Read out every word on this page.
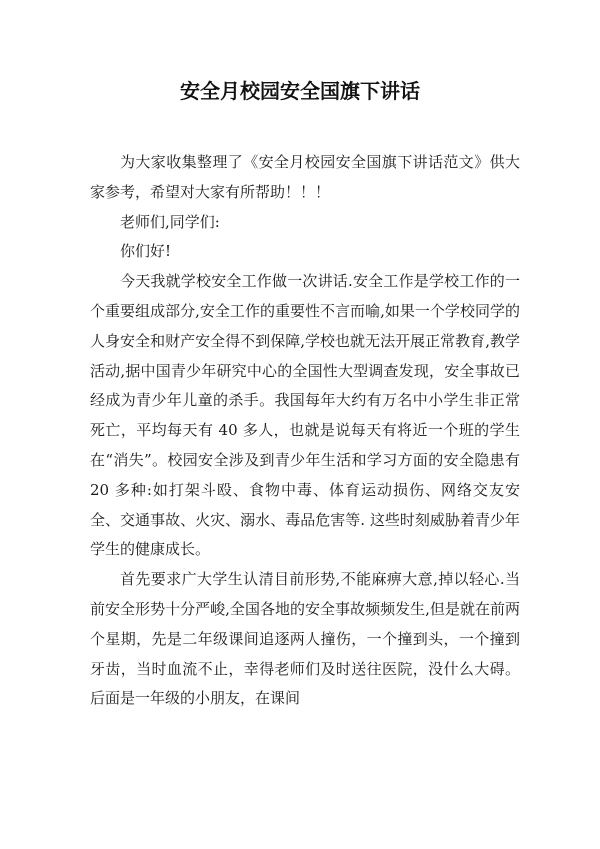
安全月校园安全国旗下讲话

为大家收集整理了《安全月校园安全国旗下讲话范文》供大家参考，希望对大家有所帮助！！！

老师们,同学们:

你们好!

今天我就学校安全工作做一次讲话.安全工作是学校工作的一个重要组成部分,安全工作的重要性不言而喻,如果一个学校同学的人身安全和财产安全得不到保障,学校也就无法开展正常教育,教学活动,据中国青少年研究中心的全国性大型调查发现，安全事故已经成为青少年儿童的杀手。我国每年大约有万名中小学生非正常死亡，平均每天有 40 多人，也就是说每天有将近一个班的学生在“消失”。校园安全涉及到青少年生活和学习方面的安全隐患有 20 多种:如打架斗殴、食物中毒、体育运动损伤、网络交友安全、交通事故、火灾、溺水、毒品危害等. 这些时刻威胁着青少年学生的健康成长。

首先要求广大学生认清目前形势,不能麻痹大意,掉以轻心.当前安全形势十分严峻,全国各地的安全事故频频发生,但是就在前两个星期，先是二年级课间追逐两人撞伤，一个撞到头，一个撞到牙齿，当时血流不止，幸得老师们及时送往医院，没什么大碍。后面是一年级的小朋友，在课间
